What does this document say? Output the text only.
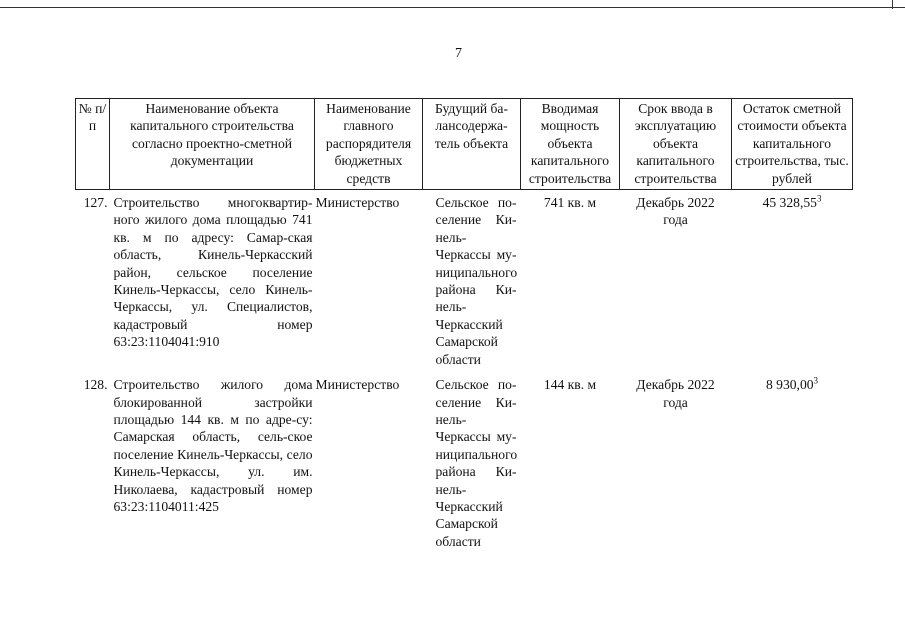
7
№ п/п	Наименование объекта капитального строительства согласно проектно-сметной документации	Наименование главного распорядителя бюджетных средств	Будущий ба-лансодержа-тель объекта	Вводимая мощность объекта капитального строительства	Срок ввода в эксплуатацию объекта капитального строительства	Остаток сметной стоимости объекта капитального строительства, тыс. рублей

127.	Строительство многоквартир-ного жилого дома площадью 741 кв. м по адресу: Самар-ская область, Кинель-Черкасский район, сельское поселение Кинель-Черкассы, село Кинель-Черкассы, ул. Специалистов, кадастровый номер 63:23:1104041:910	Министерство	Сельское по-селение Ки-нель-Черкассы му-ниципального района Ки-нель-Черкасский Самарской области	741 кв. м	Декабрь 2022 года	45 328,55$^3$

128.	Строительство жилого дома блокированной застройки площадью 144 кв. м по адре-су: Самарская область, сель-ское поселение Кинель-Черкассы, село Кинель-Черкассы, ул. им. Николаева, кадастровый номер 63:23:1104011:425	Министерство	Сельское по-селение Ки-нель-Черкассы му-ниципального района Ки-нель-Черкасский Самарской области	144 кв. м	Декабрь 2022 года	8 930,00$^3$
